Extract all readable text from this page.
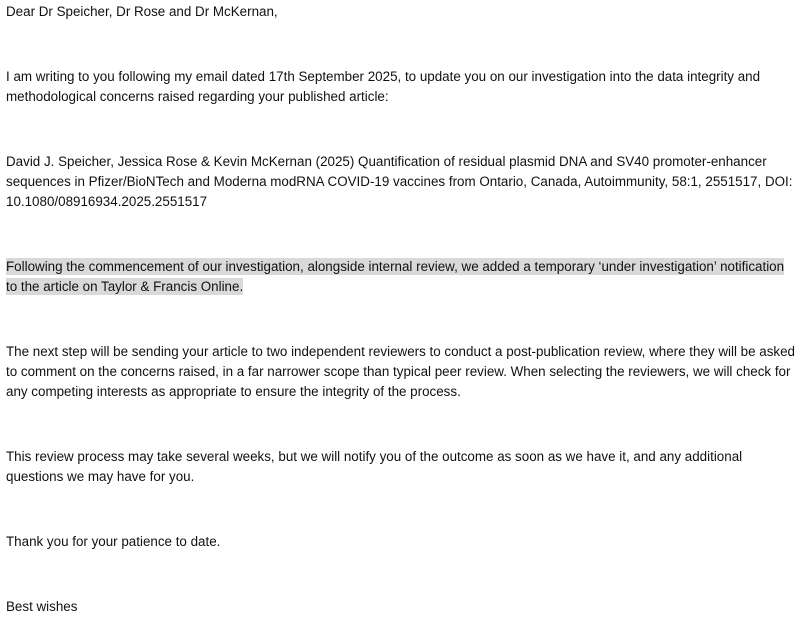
Dear Dr Speicher, Dr Rose and Dr McKernan,

I am writing to you following my email dated 17th September 2025, to update you on our investigation into the data integrity and methodological concerns raised regarding your published article:

David J. Speicher, Jessica Rose & Kevin McKernan (2025) Quantification of residual plasmid DNA and SV40 promoter-enhancer sequences in Pfizer/BioNTech and Moderna modRNA COVID-19 vaccines from Ontario, Canada, Autoimmunity, 58:1, 2551517, DOI: 10.1080/08916934.2025.2551517

Following the commencement of our investigation, alongside internal review, we added a temporary ‘under investigation’ notification to the article on Taylor & Francis Online.

The next step will be sending your article to two independent reviewers to conduct a post-publication review, where they will be asked to comment on the concerns raised, in a far narrower scope than typical peer review. When selecting the reviewers, we will check for any competing interests as appropriate to ensure the integrity of the process.

This review process may take several weeks, but we will notify you of the outcome as soon as we have it, and any additional questions we may have for you.

Thank you for your patience to date.

Best wishes
